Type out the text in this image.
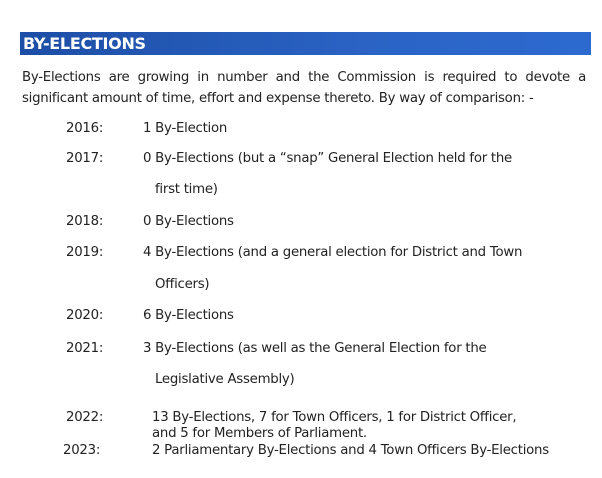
BY-ELECTIONS
By-Elections are growing in number and the Commission is required to devote a significant amount of time, effort and expense thereto. By way of comparison: -
2016:	1 By-Election
2017:	0 By-Elections (but a “snap” General Election held for the
first time)
2018:	0 By-Elections
2019:	4 By-Elections (and a general election for District and Town
Officers)
2020:	6 By-Elections
2021:	3 By-Elections (as well as the General Election for the
Legislative Assembly)
2022:	13 By-Elections, 7 for Town Officers, 1 for District Officer,
and 5 for Members of Parliament.
2023:	2 Parliamentary By-Elections and 4 Town Officers By-Elections
